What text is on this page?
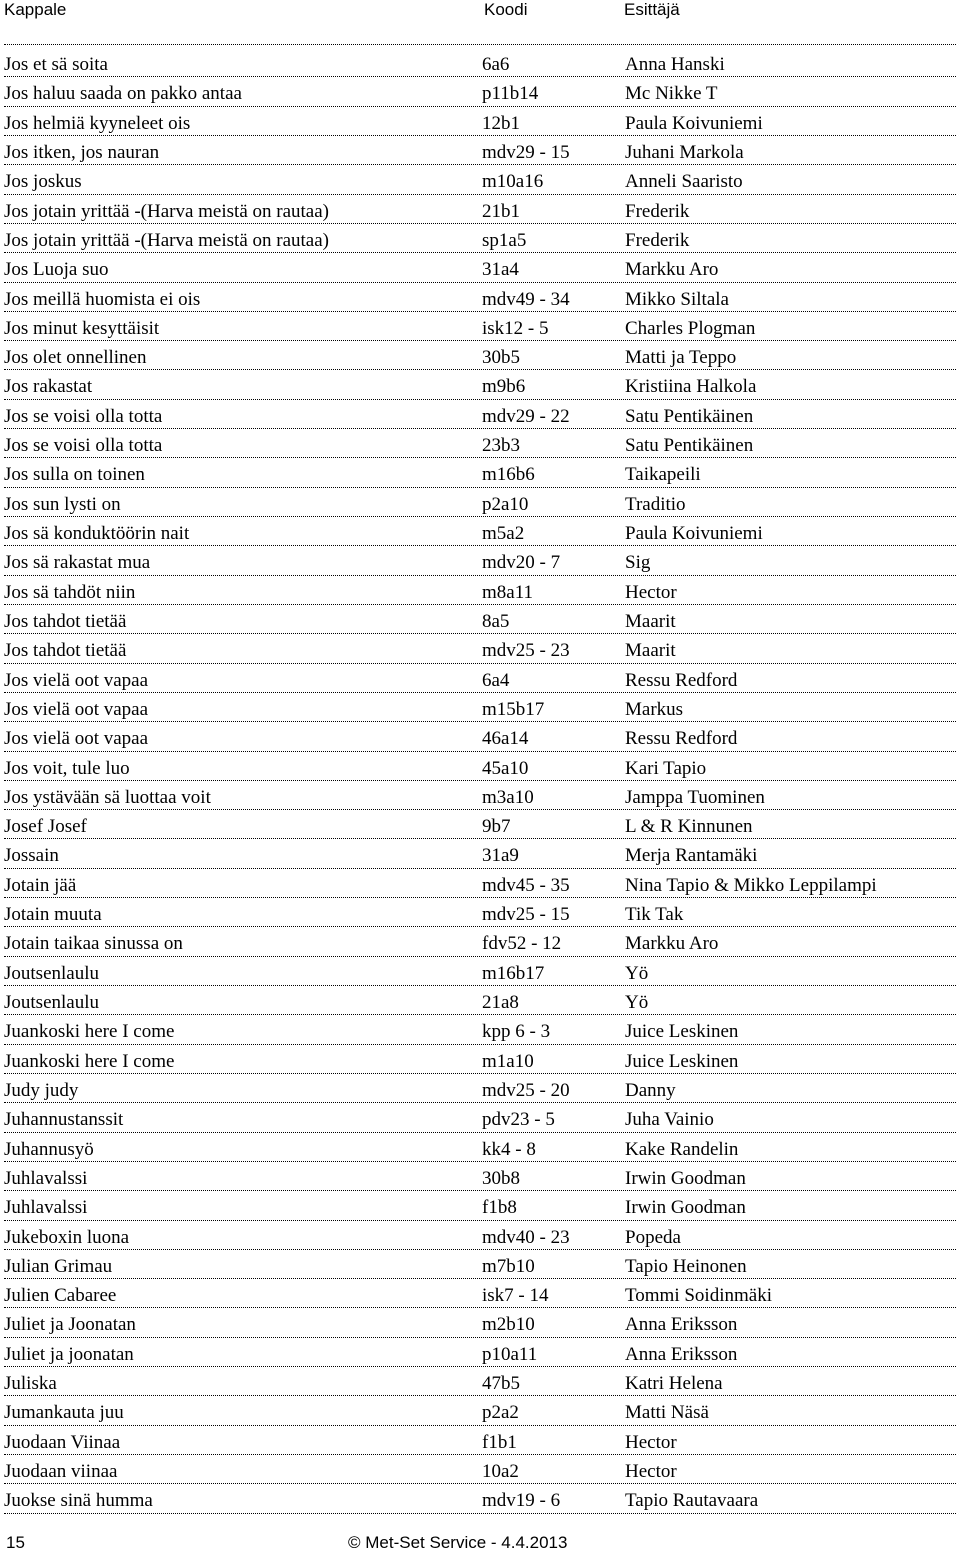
Kappale	Koodi	Esittäjä
Jos et sä soita	6a6	Anna Hanski
Jos haluu saada on pakko antaa	p11b14	Mc Nikke T
Jos helmiä kyyneleet ois	12b1	Paula Koivuniemi
Jos itken, jos nauran	mdv29 - 15	Juhani Markola
Jos joskus	m10a16	Anneli Saaristo
Jos jotain yrittää -(Harva meistä on rautaa)	21b1	Frederik
Jos jotain yrittää -(Harva meistä on rautaa)	sp1a5	Frederik
Jos Luoja suo	31a4	Markku Aro
Jos meillä huomista ei ois	mdv49 - 34	Mikko Siltala
Jos minut kesyttäisit	isk12 - 5	Charles Plogman
Jos olet onnellinen	30b5	Matti ja Teppo
Jos rakastat	m9b6	Kristiina Halkola
Jos se voisi olla totta	mdv29 - 22	Satu Pentikäinen
Jos se voisi olla totta	23b3	Satu Pentikäinen
Jos sulla on toinen	m16b6	Taikapeili
Jos sun lysti on	p2a10	Traditio
Jos sä konduktöörin nait	m5a2	Paula Koivuniemi
Jos sä rakastat mua	mdv20 - 7	Sig
Jos sä tahdöt niin	m8a11	Hector
Jos tahdot tietää	8a5	Maarit
Jos tahdot tietää	mdv25 - 23	Maarit
Jos vielä oot vapaa	6a4	Ressu Redford
Jos vielä oot vapaa	m15b17	Markus
Jos vielä oot vapaa	46a14	Ressu Redford
Jos voit, tule luo	45a10	Kari Tapio
Jos ystävään sä luottaa voit	m3a10	Jamppa Tuominen
Josef Josef	9b7	L & R Kinnunen
Jossain	31a9	Merja Rantamäki
Jotain jää	mdv45 - 35	Nina Tapio & Mikko Leppilampi
Jotain muuta	mdv25 - 15	Tik Tak
Jotain taikaa sinussa on	fdv52 - 12	Markku Aro
Joutsenlaulu	m16b17	Yö
Joutsenlaulu	21a8	Yö
Juankoski here I come	kpp 6 - 3	Juice Leskinen
Juankoski here I come	m1a10	Juice Leskinen
Judy judy	mdv25 - 20	Danny
Juhannustanssit	pdv23 - 5	Juha Vainio
Juhannusyö	kk4 - 8	Kake Randelin
Juhlavalssi	30b8	Irwin Goodman
Juhlavalssi	f1b8	Irwin Goodman
Jukeboxin luona	mdv40 - 23	Popeda
Julian Grimau	m7b10	Tapio Heinonen
Julien Cabaree	isk7 - 14	Tommi Soidinmäki
Juliet ja Joonatan	m2b10	Anna Eriksson
Juliet ja joonatan	p10a11	Anna Eriksson
Juliska	47b5	Katri Helena
Jumankauta juu	p2a2	Matti Näsä
Juodaan Viinaa	f1b1	Hector
Juodaan viinaa	10a2	Hector
Juokse sinä humma	mdv19 - 6	Tapio Rautavaara
15	© Met-Set Service - 4.4.2013
